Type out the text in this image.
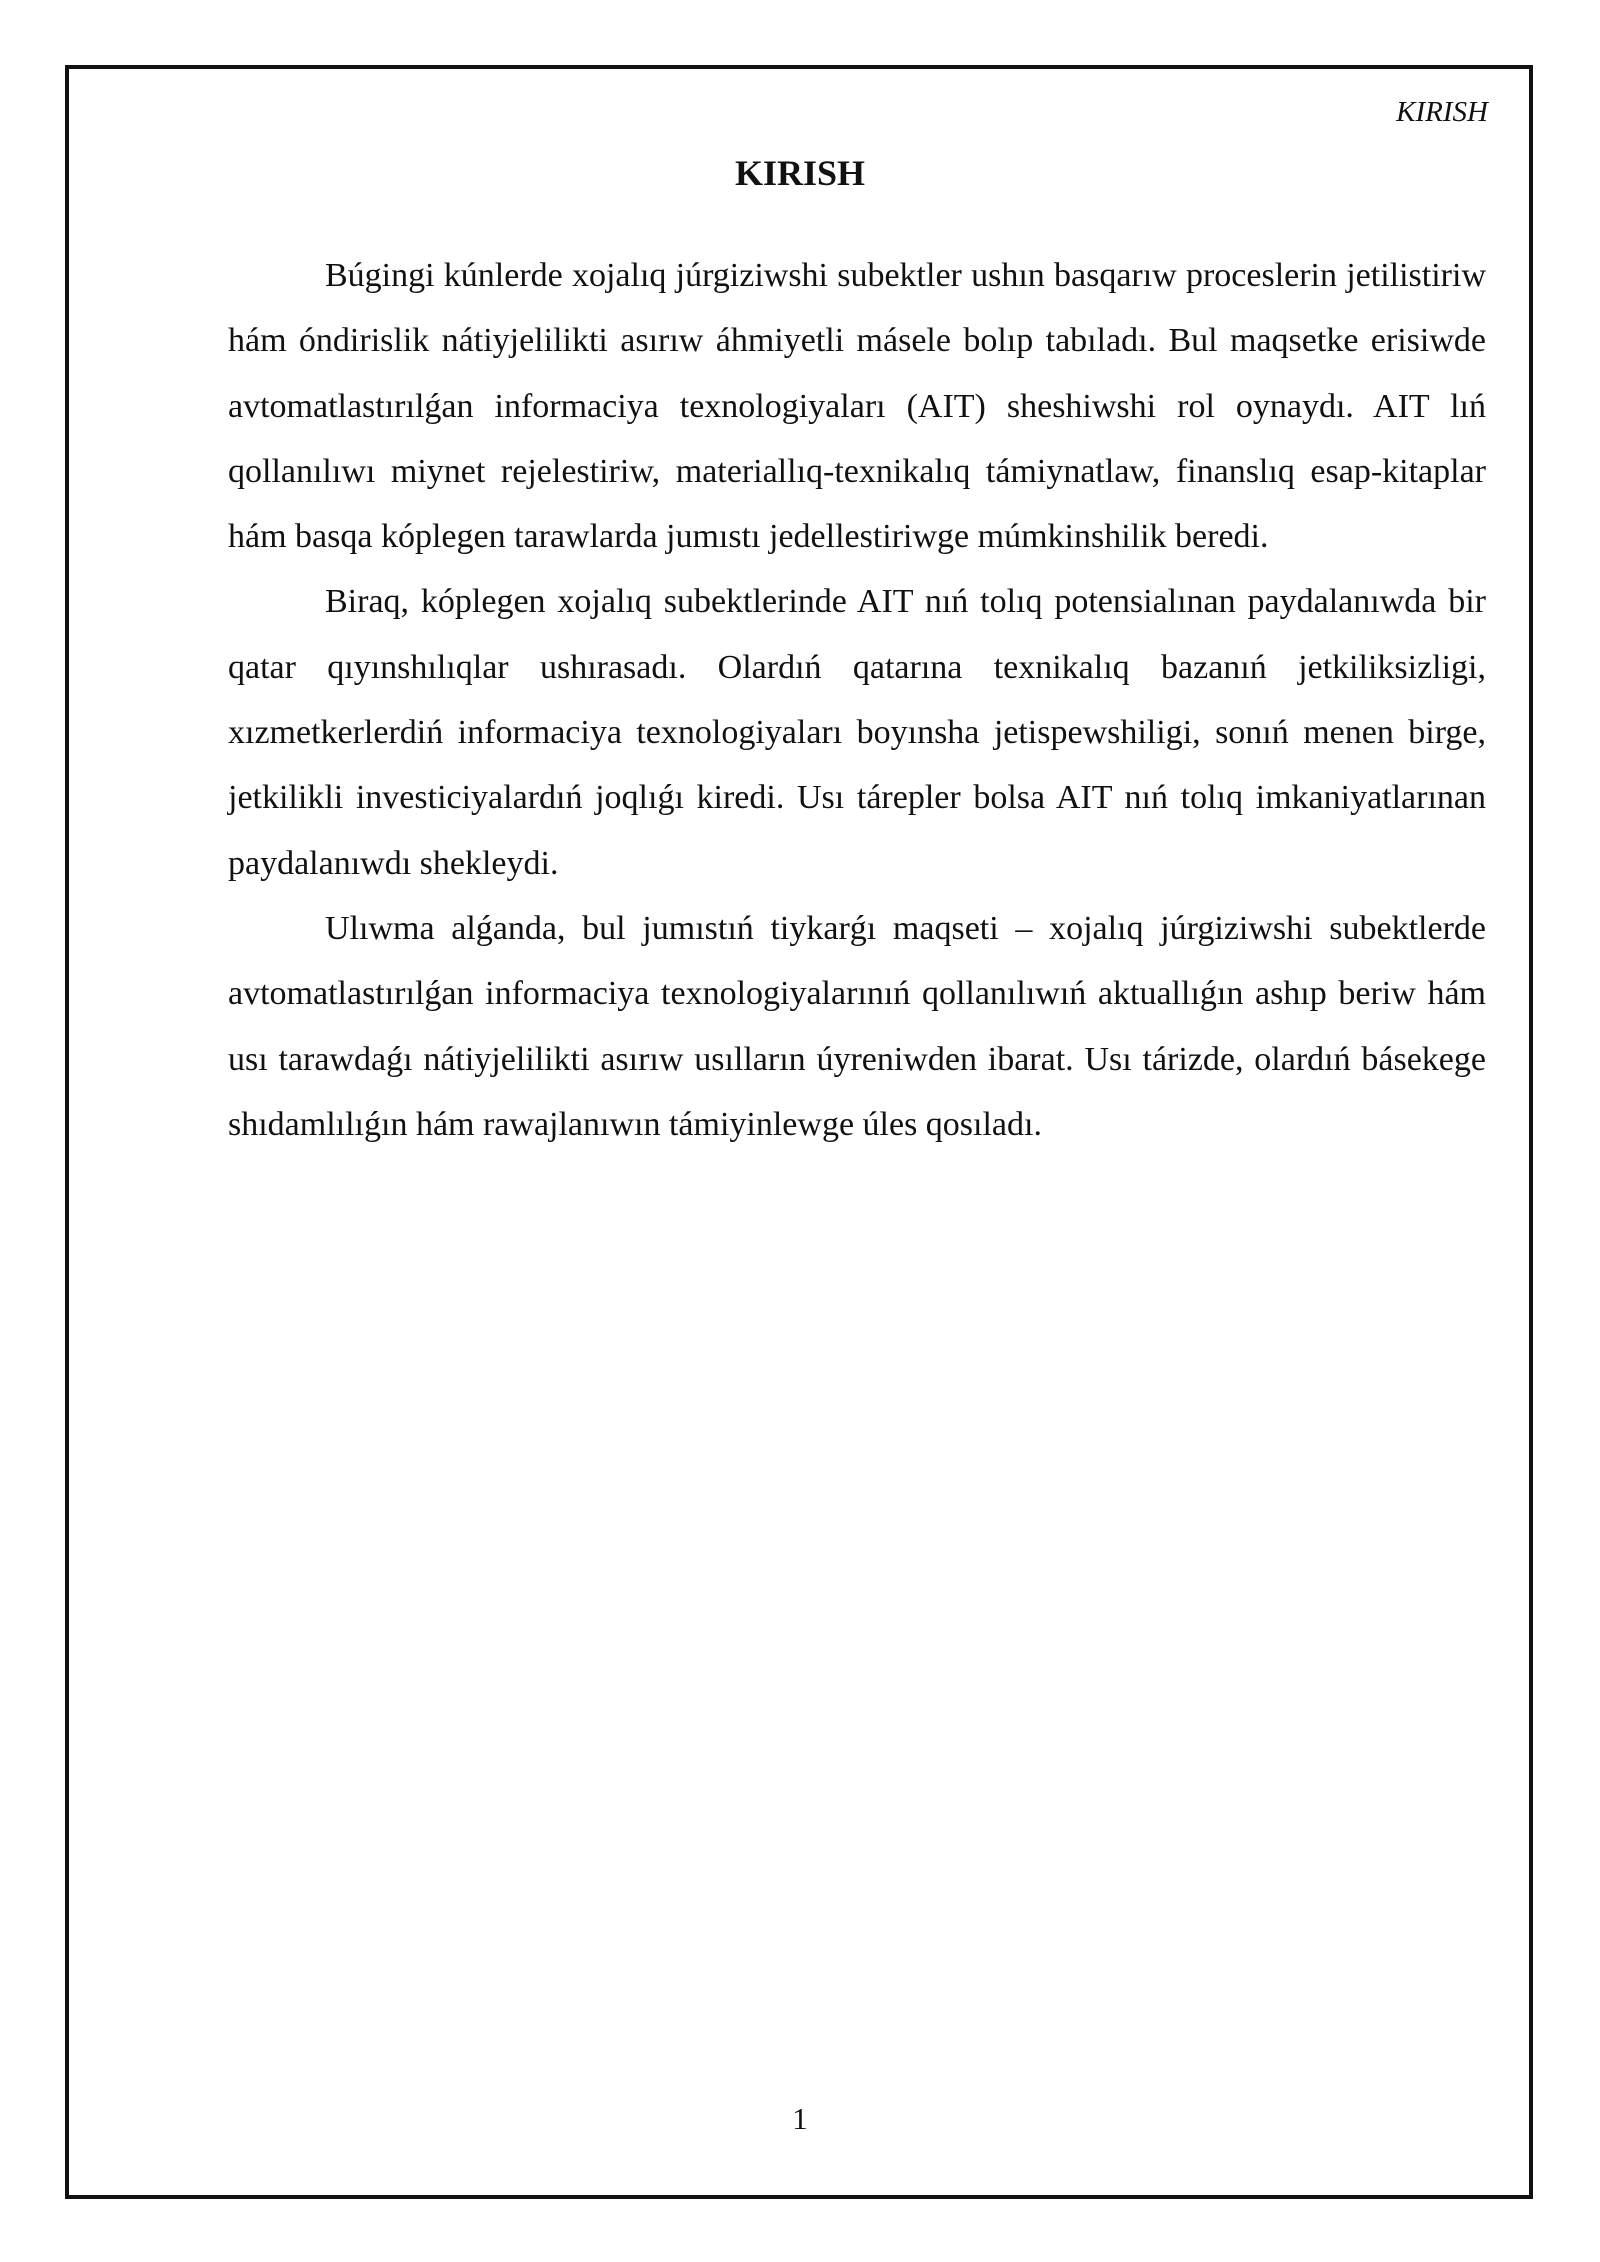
KIRISH
KIRISH

Búgingi kúnlerde xojalıq júrgiziwshi subektler ushın basqarıw proceslerin jetilistiriw hám óndirislik nátiyjelilikti asırıw áhmiyetli másele bolıp tabıladı. Bul maqsetke erisiwde avtomatlastırılǵan informaciya texnologiyaları (AIT) sheshiwshi rol oynaydı. AIT lıń qollanılıwı miynet rejelestiriw, materiallıq-texnikalıq támiynatlaw, finanslıq esap-kitaplar hám basqa kóplegen tarawlarda jumıstı jedellestiriwge múmkinshilik beredi.

Biraq, kóplegen xojalıq subektlerinde AIT nıń tolıq potensialınan paydalanıwda bir qatar qıyınshılıqlar ushırasadı. Olardıń qatarına texnikalıq bazanıń jetkiliksizligi, xızmetkerlerdiń informaciya texnologiyaları boyınsha jetispewshiligi, sonıń menen birge, jetkilikli investiciyalardıń joqlıǵı kiredi. Usı tárepler bolsa AIT nıń tolıq imkaniyatlarınan paydalanıwdı shekleydi.

Ulıwma alǵanda, bul jumıstıń tiykarǵı maqseti – xojalıq júrgiziwshi subektlerde avtomatlastırılǵan informaciya texnologiyalarınıń qollanılıwıń aktuallıǵın ashıp beriw hám usı tarawdaǵı nátiyjelilikti asırıw usılların úyreniwden ibarat. Usı tárizde, olardıń básekege shıdamlılıǵın hám rawajlanıwın támiyinlewge úles qosıladı.

1
